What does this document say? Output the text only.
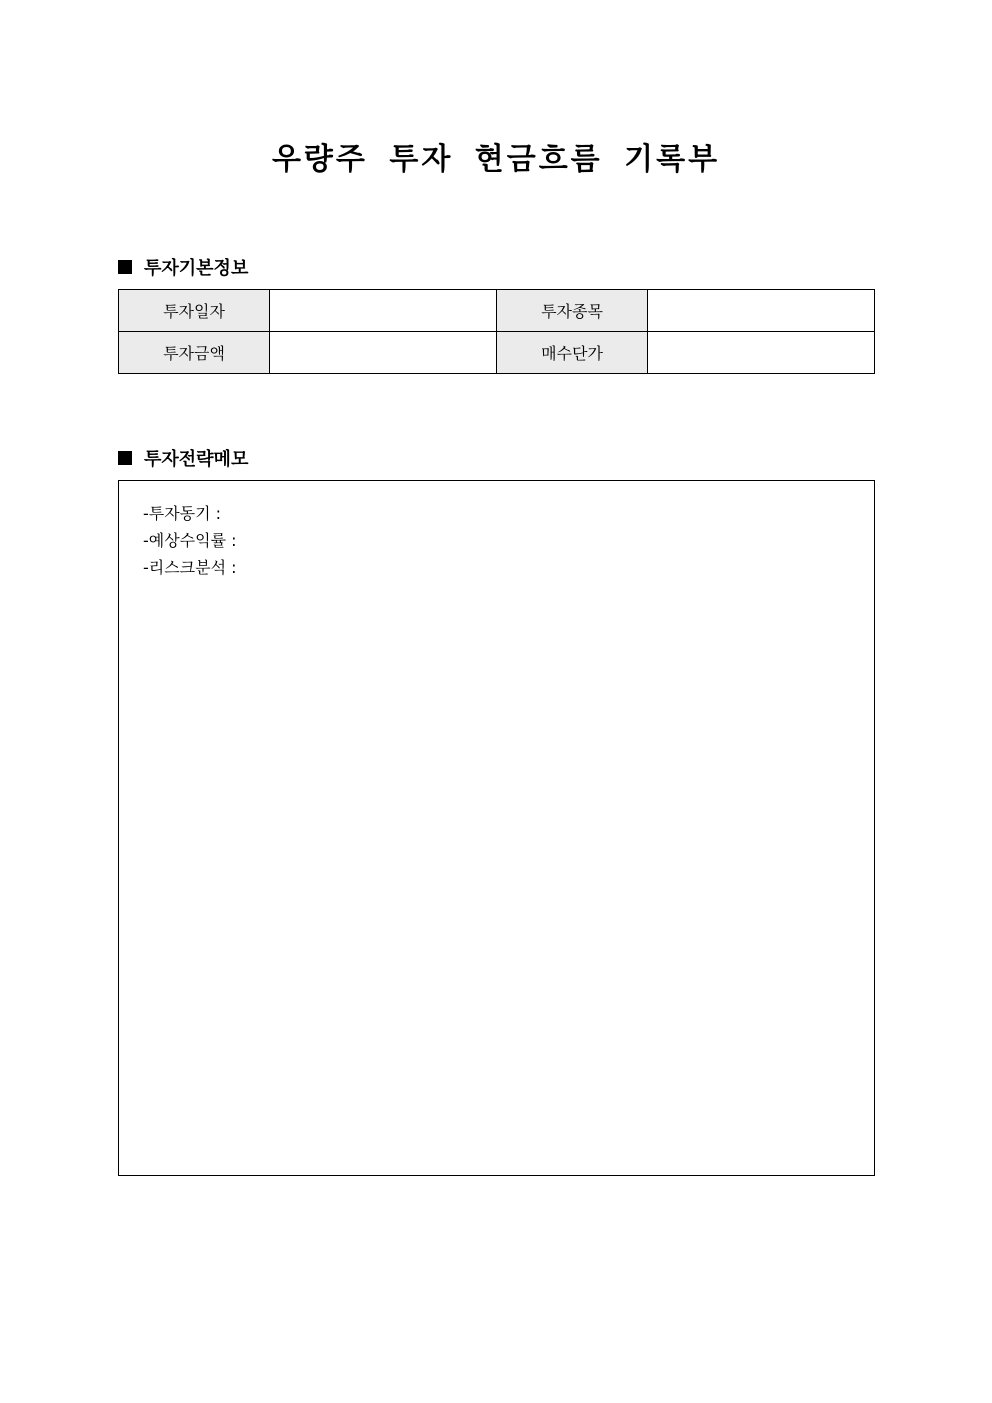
우량주 투자 현금흐름 기록부
투자기본정보
투자일자		투자종목	
투자금액		매수단가	
투자전략메모
-투자동기 :
-예상수익률 :
-리스크분석 :
